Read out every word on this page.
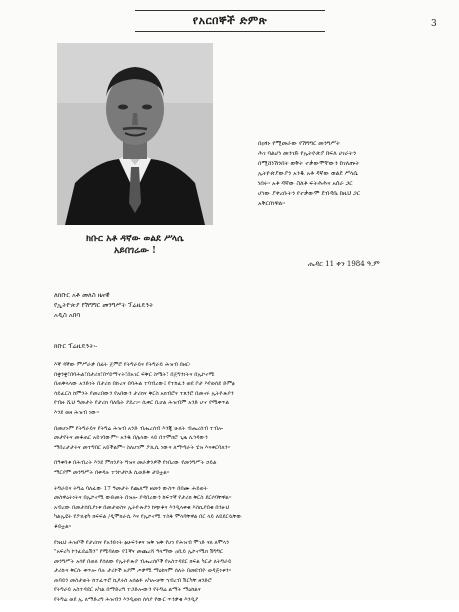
የአርበኞች ድምጽ	3
ክቡር አቶ ዳኛው ወልደ ሥላሴ
አይበገሬው !
በዐፃኑ የሚመራው የሽግግር መንግሥት
ሕገ ባልሆነ መንገድ የኢትዮጵያ ክፍለ ሀገራትን
በሚሸነሽንበት ወቅት ተቃውሞቸውን ከገለጡት
ኢትዮጵያውያን አንዱ አቶ ዳኛው ወልደ ሥላሴ
ነበሩ። አቶ ዳኛው ስለቶ ፍትሕሕና አሰራ ጋር
ሆነው ያቀረቡትን የተቃውሞ ደብዳቤ ከዚህ ጋር
አቅርበነዋል።
ሔዳር 11 ቀን 1984 ዓ.ም
ለክቡር አቶ መለስ ዜናዊ
የኢትዮጵያ የሽግግር መንግሥት ፕሬዚዴንት
አዲስ አበባ
ክቡር ፕሬዚዴንት፡-
እኛ ዳኛው ምሥራቃ በፊት ጀምሮ የትግራይና የትግራይ ሕዝብ በዘር፡
በቋንቋ፣በባሕል፣በታሪክ፣በሃይማኖት፣በአገር ፍቅር ስሜት፣ በጀግንነትና በኢኮኖሚ
በጠቅላላው አንድነት በታሪክ በኩረና በባሕል ተባብረው፤ የተከፈን ወደ ቦታ እየወሰደ ድምፅ
ሳይፈርስ ከምንት የመረበውን የአበውን ታሪክና ቅርስ አክብሮና ተጸንሮ በመኖሩ ኢትዮጵያን
የብዙ ሺህ ዓመታት የታሪክ ባለቤት ያደረገ። ሲቀር ቢሆል ሕዝብም አንድ ሆኖ የሚቀጥል
እንደ ወዘ ሕዝብ ነው።
በመሆኑም የትግራይና የትግሬ ሕዝብ አንድ ብሔረሰብ እንጂ ሁለት ብሔረሰብ ተብሎ
መታየትና መቆጠር አይገባውም። አንዱ በሌላው ላይ በተሞክሮ ጊዜ ሊጎዳውን
ማበረታታትና መተግበር አይችልም። ስለሆነም ፖሊሲ ነውና ለማጣራት ሂዝ እናቀርባለን።
በዓቀባቱ በሕብረት እንደ ምክንያት ግዝና መራቃንዎች የነበረው የመንግሥት ኃይል
ማርያም መንግሥት በቀዳሉ ተንኮታኮቶ ሲወድቅ ታይቷል።
ትግራይና ትግሬ ባለፈው 17 ዓመታት የጨለማ ዘመን ውስጥ በበሙ ሕይወት
መስዋዕትነትና በኢኮኖሚ ውድመት በዝሎ ያዳበረውን ከፍተኛ የታሪክ ቅርስ ደርሶባቸዋል።
አብረው በመታሰቢያነቱ በመታወስና ኢትዮጵያን ከጭቆና እንዲላቀቁ እስኪያበቁ በንፁህ
ካልኢዩት የፖለቲካ ክፍፍል /ዲሞክራሲ እና የኢኮኖሚ ተስፋ ሞላባቸዋል በር ላይ ለይደርሷቸው
ቆይቷል።
የነዚህ ሕዝቦች የታሪክና የአንድነት ፅሁፍንቱና ዝቅ ዝቅ የሆነ የሕዝብ ሞገድ ናለ ለሞላን
"አፍሪካ ኮንፈደሬሽን" የሚባለው የ1ኛና መጨረሻ ዓላማው ዐቢይ ኢኮኖሚክ ሽግግር
መንግሥት አሳየ በወለ የሰለው የኢትዮጵያ ብሔረሰቦች የአስተዳደር ክፍል ካርታ ለትግራይ
ታሪኩና ቅርሱ ቀጥሎ ባሉ ታሪኮች አያም ጦቃሚ ማዕከናም ሰለት በመደብዮ ወዳጅነቱን።
ጠባይን መስታወት ከተፈጥሮ ኬዶሩሰ አሰልፉ አካሎቻቸ ኅብረብ ሽርካቸ ዘንድሮ
የትግራይ አስተዳደር አካል በማድረግ ተጋድሎውን የትግሬ ልማት ማዕከልና
የትግሬ ወደ ኢ ለማድረግ ሕዝብን እንዲወክ ሰሳያ የውር ጥንቃቄ እንዲያ
